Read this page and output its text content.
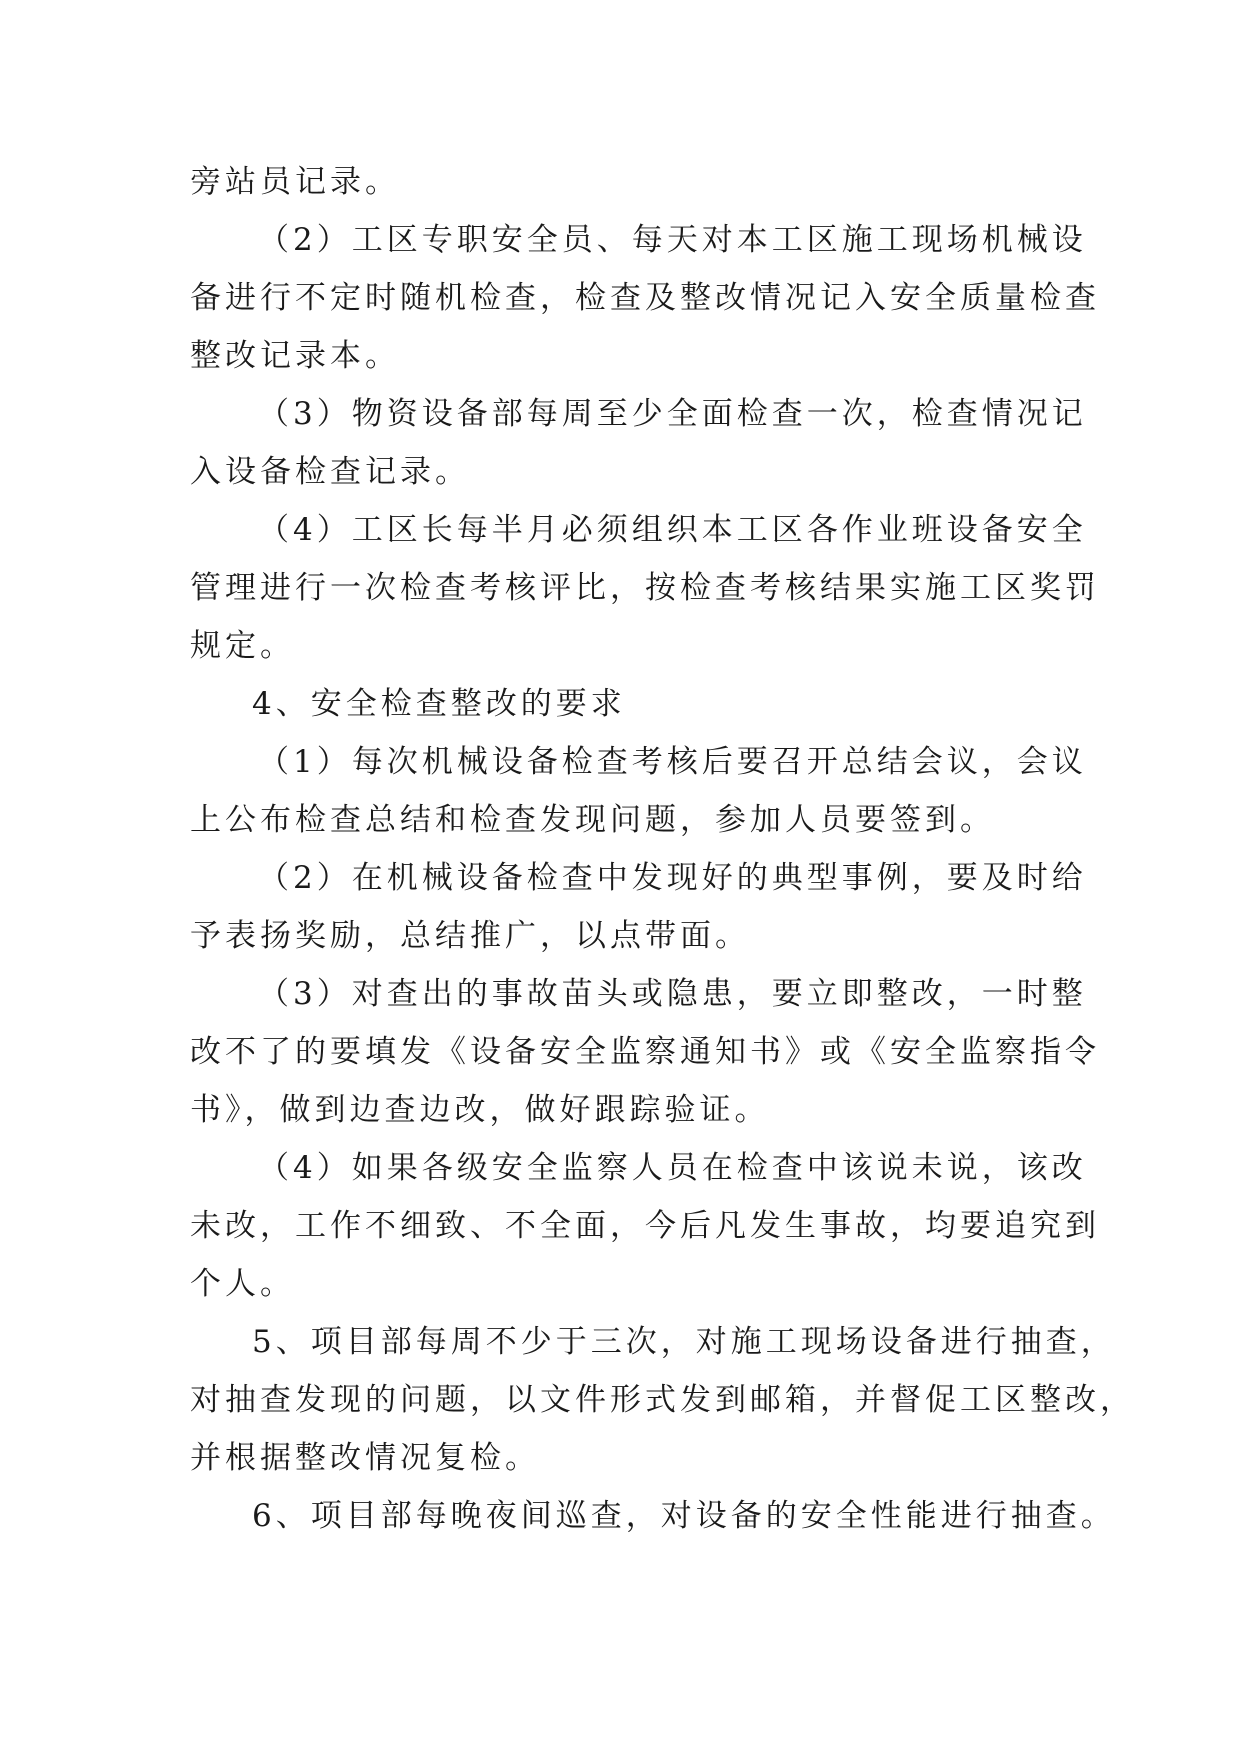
旁站员记录。
（2）工区专职安全员、每天对本工区施工现场机械设
备进行不定时随机检查，检查及整改情况记入安全质量检查
整改记录本。
（3）物资设备部每周至少全面检查一次，检查情况记
入设备检查记录。
（4）工区长每半月必须组织本工区各作业班设备安全
管理进行一次检查考核评比，按检查考核结果实施工区奖罚
规定。
4、安全检查整改的要求
（1）每次机械设备检查考核后要召开总结会议，会议
上公布检查总结和检查发现问题，参加人员要签到。
（2）在机械设备检查中发现好的典型事例，要及时给
予表扬奖励，总结推广，以点带面。
（3）对查出的事故苗头或隐患，要立即整改，一时整
改不了的要填发《设备安全监察通知书》或《安全监察指令
书》，做到边查边改，做好跟踪验证。
（4）如果各级安全监察人员在检查中该说未说，该改
未改，工作不细致、不全面，今后凡发生事故，均要追究到
个人。
5、项目部每周不少于三次，对施工现场设备进行抽查，
对抽查发现的问题，以文件形式发到邮箱，并督促工区整改，
并根据整改情况复检。
6、项目部每晚夜间巡查，对设备的安全性能进行抽查。
